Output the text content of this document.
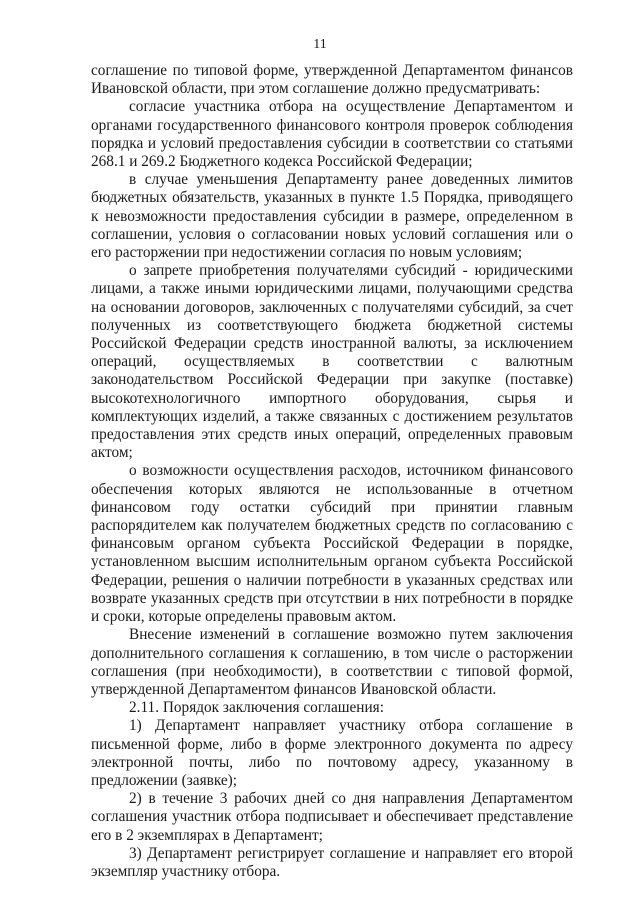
11

соглашение по типовой форме, утвержденной Департаментом финансов Ивановской области, при этом соглашение должно предусматривать:

согласие участника отбора на осуществление Департаментом и органами государственного финансового контроля проверок соблюдения порядка и условий предоставления субсидии в соответствии со статьями 268.1 и 269.2 Бюджетного кодекса Российской Федерации;

в случае уменьшения Департаменту ранее доведенных лимитов бюджетных обязательств, указанных в пункте 1.5 Порядка, приводящего к невозможности предоставления субсидии в размере, определенном в соглашении, условия о согласовании новых условий соглашения или о его расторжении при недостижении согласия по новым условиям;

о запрете приобретения получателями субсидий - юридическими лицами, а также иными юридическими лицами, получающими средства на основании договоров, заключенных с получателями субсидий, за счет полученных из соответствующего бюджета бюджетной системы Российской Федерации средств иностранной валюты, за исключением операций, осуществляемых в соответствии с валютным законодательством Российской Федерации при закупке (поставке) высокотехнологичного импортного оборудования, сырья и комплектующих изделий, а также связанных с достижением результатов предоставления этих средств иных операций, определенных правовым актом;

о возможности осуществления расходов, источником финансового обеспечения которых являются не использованные в отчетном финансовом году остатки субсидий при принятии главным распорядителем как получателем бюджетных средств по согласованию с финансовым органом субъекта Российской Федерации в порядке, установленном высшим исполнительным органом субъекта Российской Федерации, решения о наличии потребности в указанных средствах или возврате указанных средств при отсутствии в них потребности в порядке и сроки, которые определены правовым актом.

Внесение изменений в соглашение возможно путем заключения дополнительного соглашения к соглашению, в том числе о расторжении соглашения (при необходимости), в соответствии с типовой формой, утвержденной Департаментом финансов Ивановской области.

2.11. Порядок заключения соглашения:

1) Департамент направляет участнику отбора соглашение в письменной форме, либо в форме электронного документа по адресу электронной почты, либо по почтовому адресу, указанному в предложении (заявке);

2) в течение 3 рабочих дней со дня направления Департаментом соглашения участник отбора подписывает и обеспечивает представление его в 2 экземплярах в Департамент;

3) Департамент регистрирует соглашение и направляет его второй экземпляр участнику отбора.
